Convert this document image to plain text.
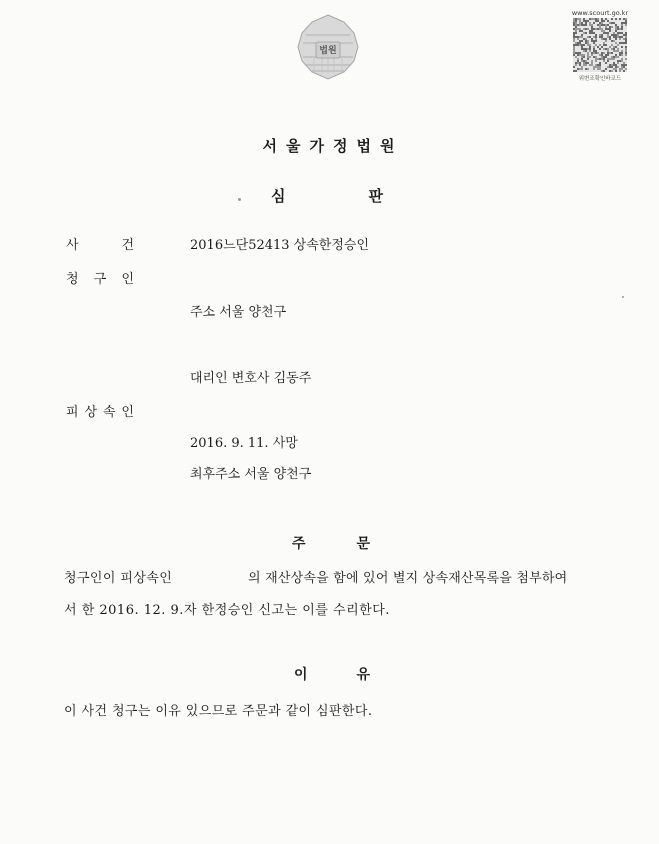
법원
www.scourt.go.kr
위변조확인바코드
서울가정법원
심	판
사	건	2016느단52413 상속한정승인
청 구 인
주소 서울 양천구
대리인 변호사 김동주
피 상 속 인
2016. 9. 11. 사망
최후주소 서울 양천구
주	문
청구인이 피상속인	의 재산상속을 함에 있어 별지 상속재산목록을 첨부하여
서 한 2016. 12. 9.자 한정승인 신고는 이를 수리한다.
이	유
이 사건 청구는 이유 있으므로 주문과 같이 심판한다.
